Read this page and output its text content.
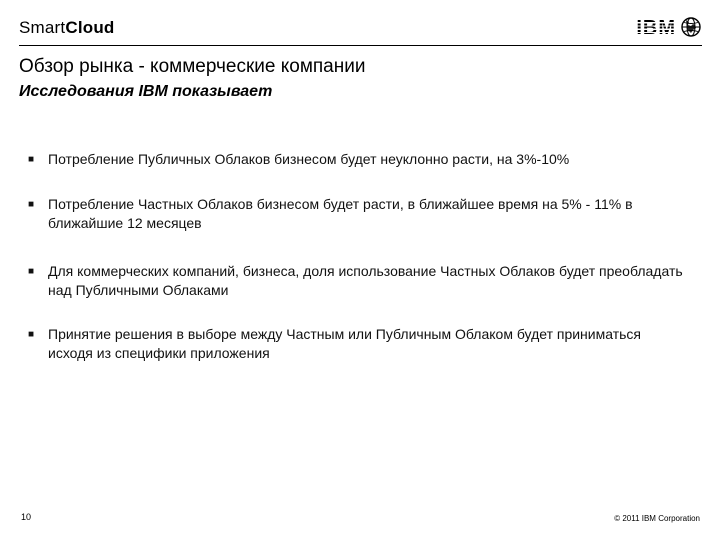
SmartCloud	IBM
Обзор рынка - коммерческие компании
Исследования IBM показывает
■ Потребление Публичных Облаков бизнесом будет неуклонно расти, на 3%-10%
■ Потребление Частных Облаков бизнесом будет расти, в ближайшее время на 5% - 11% в ближайшие 12 месяцев
■ Для коммерческих компаний, бизнеса, доля использование Частных Облаков будет преобладать над Публичными Облаками
■ Принятие решения в выборе между Частным или Публичным Облаком будет приниматься исходя из специфики приложения
10	© 2011 IBM Corporation
